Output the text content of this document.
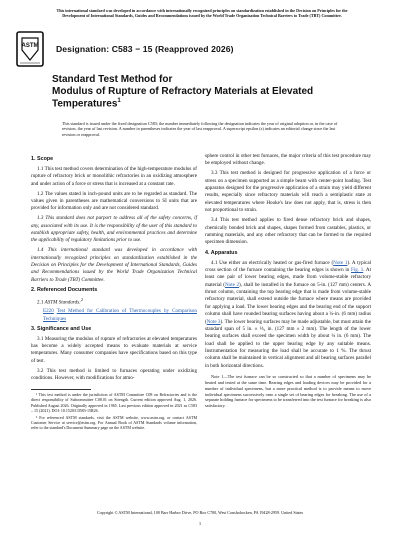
This international standard was developed in accordance with internationally recognized principles on standardization established in the Decision on Principles for the Development of International Standards, Guides and Recommendations issued by the World Trade Organization Technical Barriers to Trade (TBT) Committee.
ASTM Designation: C583 − 15 (Reapproved 2026)
Standard Test Method for
Modulus of Rupture of Refractory Materials at Elevated
Temperatures$^1$
This standard is issued under the fixed designation C583; the number immediately following the designation indicates the year of original adoption or, in the case of revision, the year of last revision. A number in parentheses indicates the year of last reapproval. A superscript epsilon (ε) indicates an editorial change since the last revision or reapproval.
1. Scope
1.1 This test method covers determination of the high-temperature modulus of rupture of refractory brick or monolithic refractories in an oxidizing atmosphere and under action of a force or stress that is increased at a constant rate.
1.2 The values stated in inch-pound units are to be regarded as standard. The values given in parentheses are mathematical conversions to SI units that are provided for information only and are not considered standard.
1.3 This standard does not purport to address all of the safety concerns, if any, associated with its use. It is the responsibility of the user of this standard to establish appropriate safety, health, and environmental practices and determine the applicability of regulatory limitations prior to use.
1.4 This international standard was developed in accordance with internationally recognized principles on standardization established in the Decision on Principles for the Development of International Standards, Guides and Recommendations issued by the World Trade Organization Technical Barriers to Trade (TBT) Committee.
2. Referenced Documents
2.1 ASTM Standards:$^2$
E220 Test Method for Calibration of Thermocouples by Comparison Techniques
3. Significance and Use
3.1 Measuring the modulus of rupture of refractories at elevated temperatures has become a widely accepted means to evaluate materials at service temperatures. Many consumer companies have specifications based on this type of test.
3.2 This test method is limited to furnaces operating under oxidizing conditions. However, with modifications for atmo-
¹ This test method is under the jurisdiction of ASTM Committee C08 on Refractories and is the direct responsibility of Subcommittee C08.01 on Strength. Current edition approved Aug. 1, 2026. Published August 2026. Originally approved in 1965. Last previous edition approved in 2021 as C583 – 15 (2021). DOI: 10.1520/C0583-15R26.
² For referenced ASTM standards, visit the ASTM website, www.astm.org, or contact ASTM Customer Service at service@astm.org. For Annual Book of ASTM Standards volume information, refer to the standard's Document Summary page on the ASTM website.
sphere control in other test furnaces, the major criteria of this test procedure may be employed without change.
3.3 This test method is designed for progressive application of a force or stress on a specimen supported as a simple beam with center-point loading. Test apparatus designed for the progressive application of a strain may yield different results, especially since refractory materials will reach a semiplastic state at elevated temperatures where Hooke's law does not apply, that is, stress is then not proportional to strain.
3.4 This test method applies to fired dense refractory brick and shapes, chemically bonded brick and shapes, shapes formed from castables, plastics, or ramming materials, and any other refractory that can be formed to the required specimen dimension.
4. Apparatus
4.1 Use either an electrically heated or gas-fired furnace (Note 1). A typical cross section of the furnace containing the bearing edges is shown in Fig. 1. At least one pair of lower bearing edges, made from volume-stable refractory material (Note 2), shall be installed in the furnace on 5-in. (127 mm) centers. A thrust column, containing the top bearing edge that is made from volume-stable refractory material, shall extend outside the furnace where means are provided for applying a load. The lower bearing edges and the bearing end of the support column shall have rounded bearing surfaces having about a ¼-in. (6 mm) radius (Note 3). The lower bearing surfaces may be made adjustable, but must attain the standard span of 5 in. ± ⅓₂ in. (127 mm ± 2 mm). The length of the lower bearing surfaces shall exceed the specimen width by about ¼ in. (6 mm). The load shall be applied to the upper bearing edge by any suitable means. Instrumentation for measuring the load shall be accurate to 1 %. The thrust column shall be maintained in vertical alignment and all bearing surfaces parallel in both horizontal directions.
Note 1—The test furnace can be so constructed so that a number of specimens may be heated and tested at the same time. Bearing edges and loading devices may be provided for a number of individual specimens, but a more practical method is to provide means to move individual specimens successively onto a single set of bearing edges for breaking. The use of a separate holding furnace for specimens to be transferred into the test furnace for breaking is also satisfactory.
Copyright © ASTM International, 100 Barr Harbor Drive, PO Box C700, West Conshohocken, PA 19428-2959. United States
1
